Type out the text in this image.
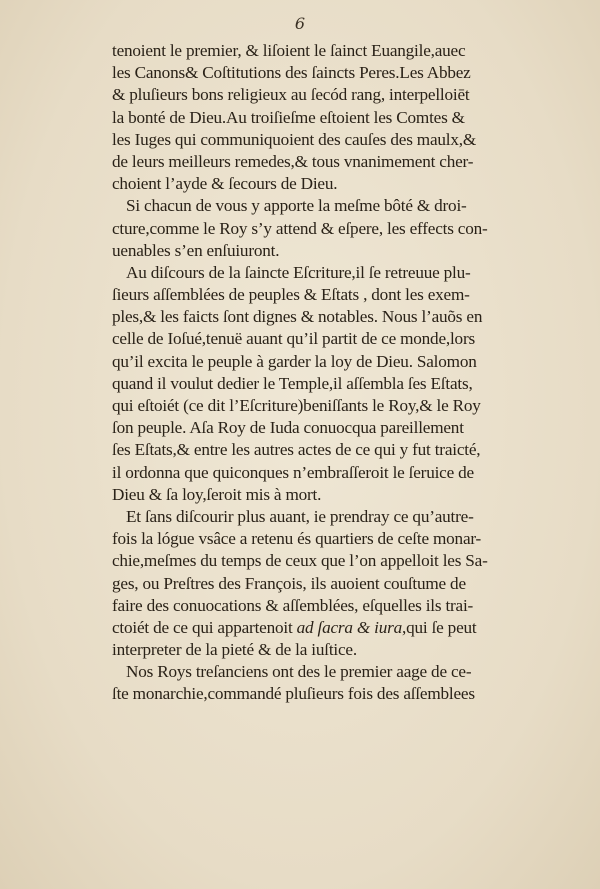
6
tenoient le premier, & liſoient le ſainct Euangile,auec
les Canons& Coſtitutions des ſaincts Peres.Les Abbez
& pluſieurs bons religieux au ſecód rang, interpelloiēt
la bonté de Dieu.Au troiſieſme eſtoient les Comtes &
les Iuges qui communiquoient des cauſes des maulx,&
de leurs meilleurs remedes,& tous vnanimement cher-
choient l’ayde & ſecours de Dieu.
Si chacun de vous y apporte la meſme bôté & droi-
cture,comme le Roy s’y attend & eſpere, les effects con-
uenables s’en enſuiuront.
Au diſcours de la ſaincte Eſcriture,il ſe retreuue plu-
ſieurs aſſemblées de peuples & Eſtats , dont les exem-
ples,& les faicts ſont dignes & notables. Nous l’auõs en
celle de Ioſué,tenuë auant qu’il partit de ce monde,lors
qu’il excita le peuple à garder la loy de Dieu. Salomon
quand il voulut dedier le Temple,il aſſembla ſes Eſtats,
qui eſtoiét (ce dit l’Eſcriture)beniſſants le Roy,& le Roy
ſon peuple. Aſa Roy de Iuda conuocqua pareillement
ſes Eſtats,& entre les autres actes de ce qui y fut traicté,
il ordonna que quiconques n’embraſſeroit le ſeruice de
Dieu & ſa loy,ſeroit mis à mort.
Et ſans diſcourir plus auant, ie prendray ce qu’autre-
fois la lógue vsâce a retenu és quartiers de ceſte monar-
chie,meſmes du temps de ceux que l’on appelloit les Sa-
ges, ou Preſtres des François, ils auoient couſtume de
faire des conuocations & aſſemblées, eſquelles ils trai-
ctoiét de ce qui appartenoit ad ſacra & iura,qui ſe peut
interpreter de la pieté & de la iuſtice.
Nos Roys treſanciens ont des le premier aage de ce-
ſte monarchie,commandé pluſieurs fois des aſſemblees
